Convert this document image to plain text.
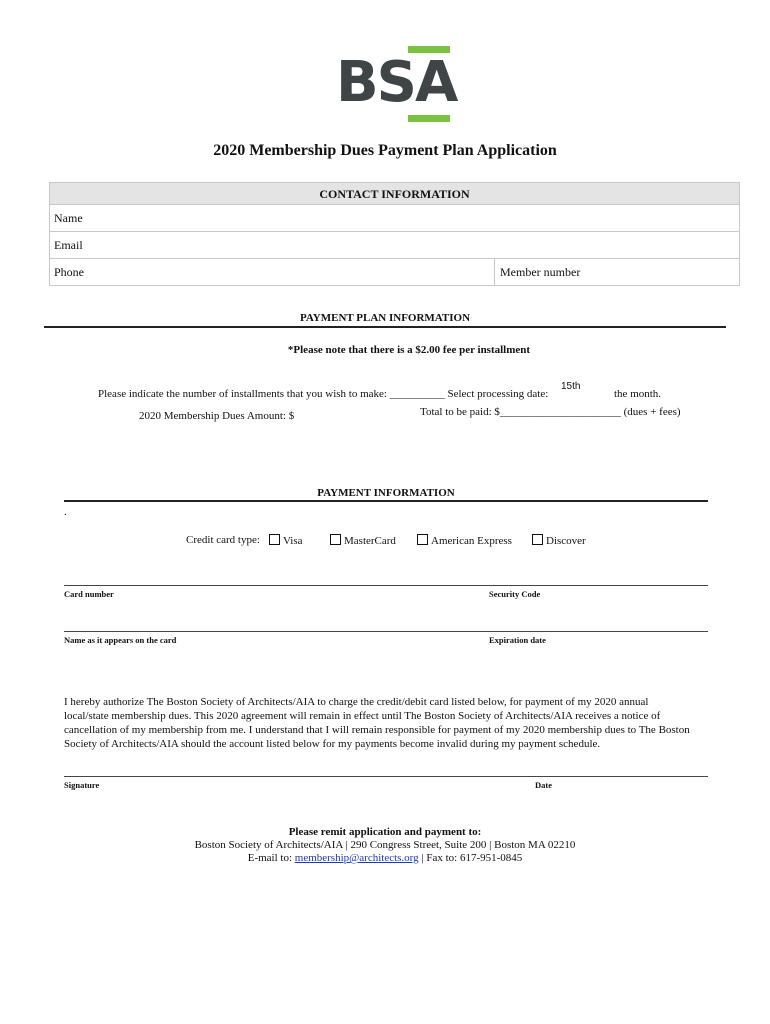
BSA
2020 Membership Dues Payment Plan Application
CONTACT INFORMATION
Name
Email
Phone	Member number
PAYMENT PLAN INFORMATION
*Please note that there is a $2.00 fee per installment
Please indicate the number of installments that you wish to make: __________ Select processing date:
15th
the month.
2020 Membership Dues Amount: $	Total to be paid: $______________________ (dues + fees)
PAYMENT INFORMATION
.
Credit card type:	Visa	MasterCard	American Express	Discover
Card number	Security Code
Name as it appears on the card	Expiration date
I hereby authorize The Boston Society of Architects/AIA to charge the credit/debit card listed below, for payment of my 2020 annual local/state membership dues. This 2020 agreement will remain in effect until The Boston Society of Architects/AIA receives a notice of cancellation of my membership from me. I understand that I will remain responsible for payment of my 2020 membership dues to The Boston Society of Architects/AIA should the account listed below for my payments become invalid during my payment schedule.
Signature	Date
Please remit application and payment to:
Boston Society of Architects/AIA | 290 Congress Street, Suite 200 | Boston MA 02210
E-mail to: membership@architects.org | Fax to: 617-951-0845
